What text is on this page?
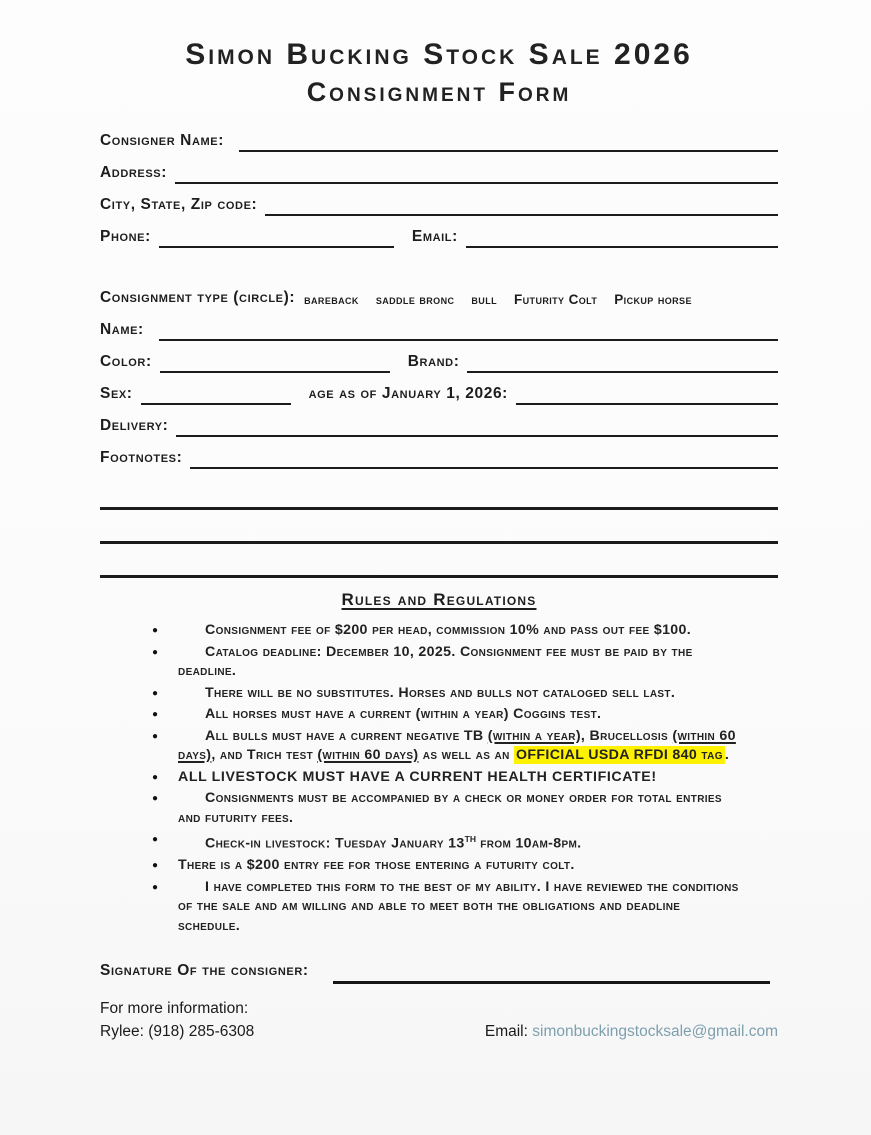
Simon Bucking Stock Sale 2026
Consignment Form
Consigner Name:
Address:
City, State, Zip code:
Phone:	Email:
Consignment type (circle): bareback saddle bronc bull Futurity Colt Pickup horse
Name:
Color:	Brand:
Sex:	age as of January 1, 2026:
Delivery:
Footnotes:
Rules and Regulations
●	Consignment fee of $200 per head, commission 10% and pass out fee $100.
●	Catalog deadline: December 10, 2025. Consignment fee must be paid by the deadline.
●	There will be no substitutes. Horses and bulls not cataloged sell last.
●	All horses must have a current (within a year) Coggins test.
●	All bulls must have a current negative TB (within a year), Brucellosis (within 60 days), and Trich test (within 60 days) as well as an OFFICIAL USDA RFDI 840 tag .
●	ALL LIVESTOCK MUST HAVE A CURRENT HEALTH CERTIFICATE!
●	Consignments must be accompanied by a check or money order for total entries and futurity fees.
●	Check-in livestock: Tuesday January 13TH from 10am-8pm.
●	There is a $200 entry fee for those entering a futurity colt.
●	I have completed this form to the best of my ability. I have reviewed the conditions of the sale and am willing and able to meet both the obligations and deadline schedule.
Signature Of the consigner:
For more information:
Rylee: (918) 285-6308	Email: simonbuckingstocksale@gmail.com
